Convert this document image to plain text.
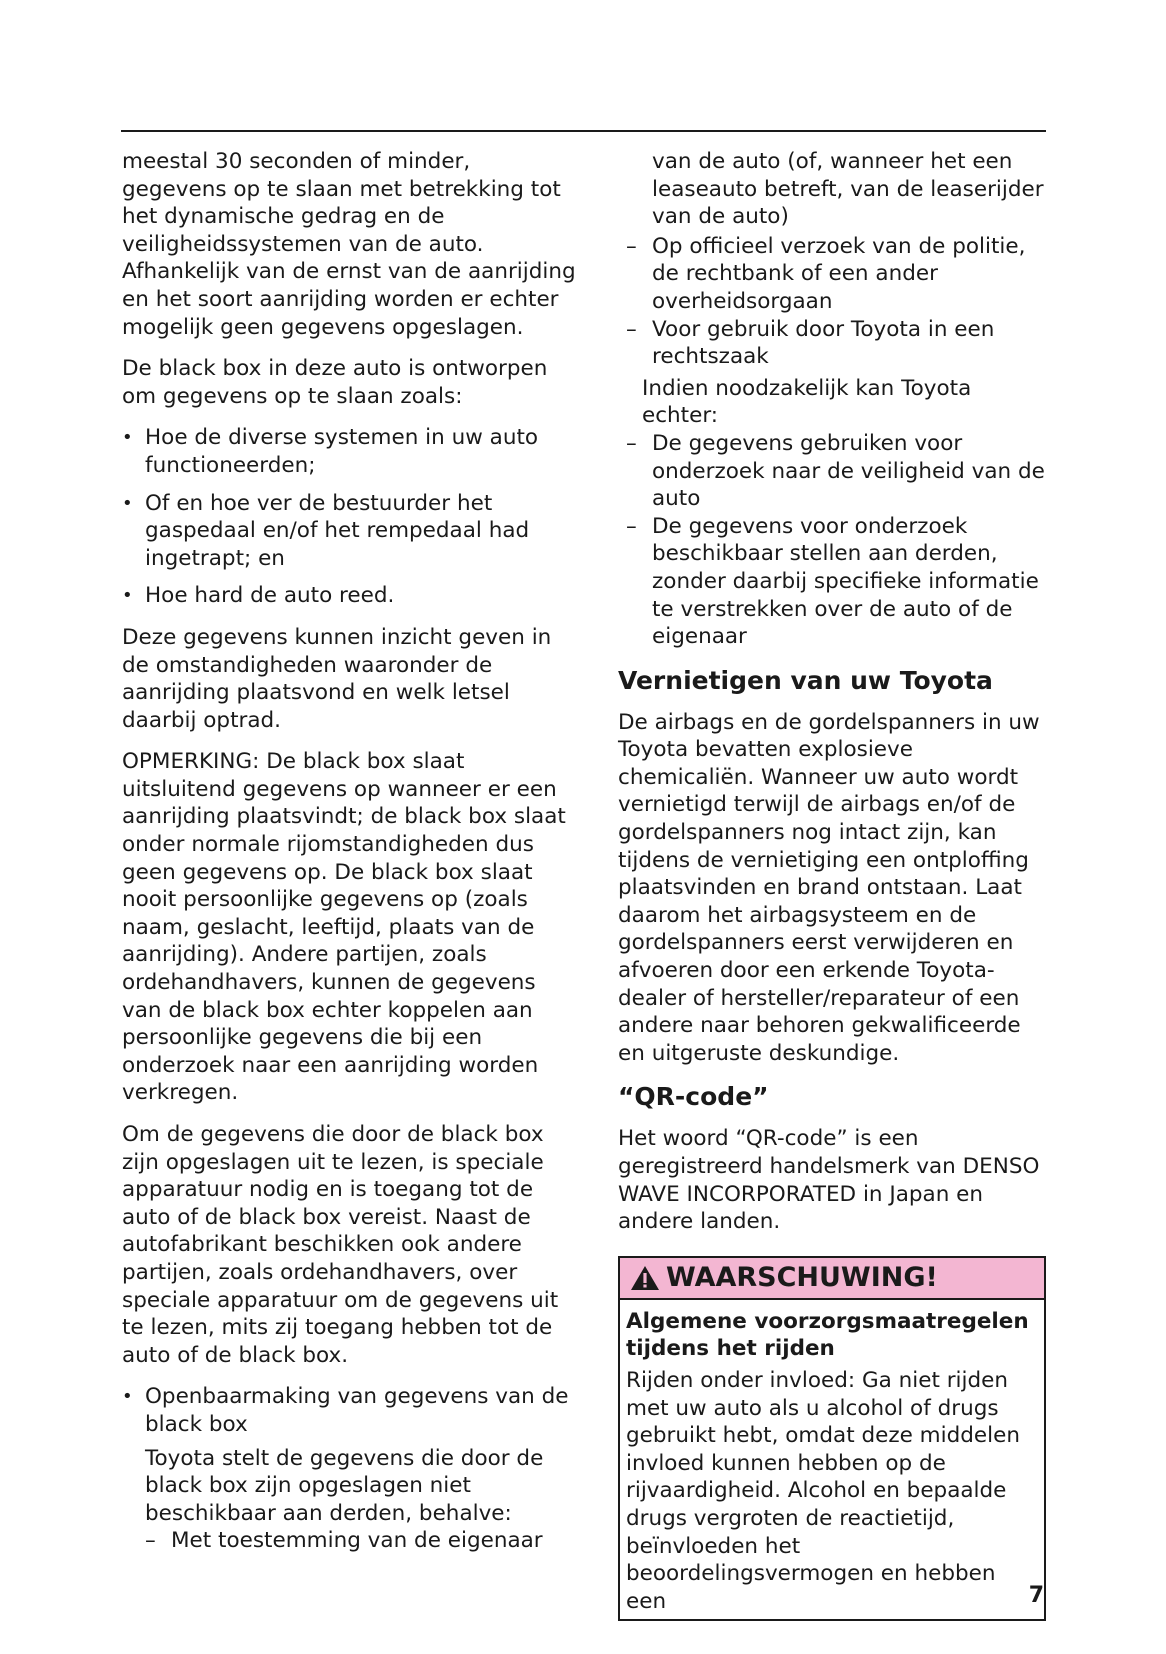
meestal 30 seconden of minder, gegevens op te slaan met betrekking tot het dynamische gedrag en de veiligheidssystemen van de auto. Afhankelijk van de ernst van de aanrijding en het soort aanrijding worden er echter mogelijk geen gegevens opgeslagen.

De black box in deze auto is ontworpen om gegevens op te slaan zoals:

• Hoe de diverse systemen in uw auto functioneerden;
• Of en hoe ver de bestuurder het gaspedaal en/of het rempedaal had ingetrapt; en
• Hoe hard de auto reed.

Deze gegevens kunnen inzicht geven in de omstandigheden waaronder de aanrijding plaatsvond en welk letsel daarbij optrad.

OPMERKING: De black box slaat uitsluitend gegevens op wanneer er een aanrijding plaatsvindt; de black box slaat onder normale rijomstandigheden dus geen gegevens op. De black box slaat nooit persoonlijke gegevens op (zoals naam, geslacht, leeftijd, plaats van de aanrijding). Andere partijen, zoals ordehandhavers, kunnen de gegevens van de black box echter koppelen aan persoonlijke gegevens die bij een onderzoek naar een aanrijding worden verkregen.

Om de gegevens die door de black box zijn opgeslagen uit te lezen, is speciale apparatuur nodig en is toegang tot de auto of de black box vereist. Naast de autofabrikant beschikken ook andere partijen, zoals ordehandhavers, over speciale apparatuur om de gegevens uit te lezen, mits zij toegang hebben tot de auto of de black box.

• Openbaarmaking van gegevens van de black box
Toyota stelt de gegevens die door de black box zijn opgeslagen niet beschikbaar aan derden, behalve:
– Met toestemming van de eigenaar

van de auto (of, wanneer het een leaseauto betreft, van de leaserijder van de auto)

– Op officieel verzoek van de politie, de rechtbank of een ander overheidsorgaan
– Voor gebruik door Toyota in een rechtszaak

Indien noodzakelijk kan Toyota echter:

– De gegevens gebruiken voor onderzoek naar de veiligheid van de auto
– De gegevens voor onderzoek beschikbaar stellen aan derden, zonder daarbij specifieke informatie te verstrekken over de auto of de eigenaar
Vernietigen van uw Toyota

De airbags en de gordelspanners in uw Toyota bevatten explosieve chemicaliën. Wanneer uw auto wordt vernietigd terwijl de airbags en/of de gordelspanners nog intact zijn, kan tijdens de vernietiging een ontploffing plaatsvinden en brand ontstaan. Laat daarom het airbagsysteem en de gordelspanners eerst verwijderen en afvoeren door een erkende Toyota-dealer of hersteller/reparateur of een andere naar behoren gekwalificeerde en uitgeruste deskundige.

“QR-code”

Het woord “QR-code” is een geregistreerd handelsmerk van DENSO WAVE INCORPORATED in Japan en andere landen.

WAARSCHUWING!

Algemene voorzorgsmaatregelen tijdens het rijden

Rijden onder invloed: Ga niet rijden met uw auto als u alcohol of drugs gebruikt hebt, omdat deze middelen invloed kunnen hebben op de rijvaardigheid. Alcohol en bepaalde drugs vergroten de reactietijd, beïnvloeden het beoordelingsvermogen en hebben een	7
